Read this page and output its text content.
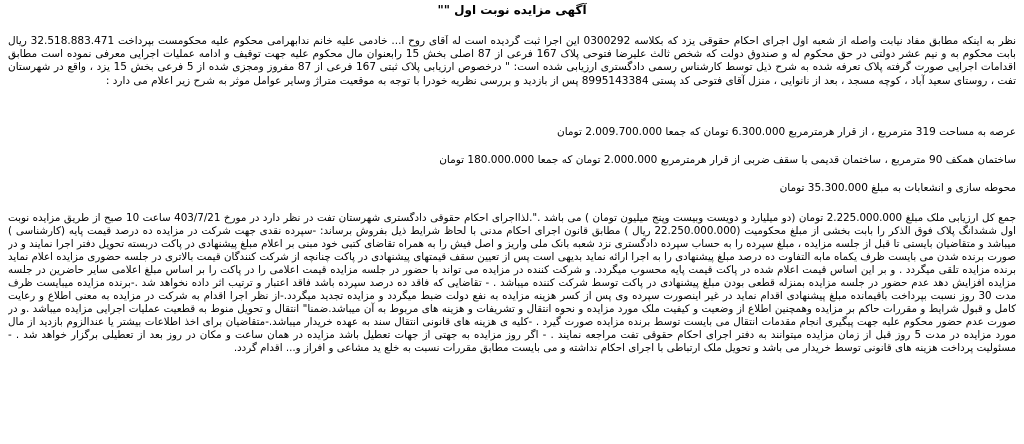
آگهی مزایده نوبت اول ""

نظر به اینکه مطابق مفاد نیابت واصله از شعبه اول اجرای احکام حقوقی یزد که بکلاسه 0300292 این اجرا ثبت گردیده است له آقای روح ا... خادمی علیه خانم ندابهرامی محکوم علیه محکومست بپرداخت 32.518.883.471 ریال بابت محکوم به و نیم عشر دولتی در حق محکوم له و صندوق دولت که شخص ثالث علیرضا فتوحی پلاک 167 فرعی از 87 اصلی بخش 15 رابعنوان مال محکوم علیه جهت توقیف و ادامه عملیات اجرایی معرفی نموده است مطابق اقدامات اجرایی صورت گرفته پلاک تعرفه شده به شرح ذیل توسط کارشناس رسمی دادگستری ارزیابی شده است: " درخصوص ارزیابی پلاک ثبتی 167 فرعی از 87 مفروز ومجزی شده از 5 فرعی بخش 15 یزد ، واقع در شهرستان تفت ، روستای سعید آباد ، کوچه مسجد ، بعد از نانوایی ، منزل آقای فتوحی کد پستی 8995143384 پس از بازدید و بررسی نظریه خودرا با توجه به موقعیت متراژ وسایر عوامل موثر به شرح زیر اعلام می دارد :

عرصه به مساحت 319 مترمربع ، از قرار هرمترمربع 6.300.000 تومان که جمعا 2.009.700.000 تومان

ساختمان همکف 90 مترمربع ، ساختمان قدیمی با سقف ضربی از قرار هرمترمربع 2.000.000 تومان که جمعا 180.000.000 تومان

محوطه سازی و انشعابات به مبلغ 35.300.000 تومان

جمع کل ارزیابی ملک مبلغ 2.225.000.000 تومان (دو میلیارد و دویست وبیست وپنج میلیون تومان ) می باشد .".لذااجرای احکام حقوقی دادگستری شهرستان تفت در نظر دارد در مورخ 403/7/21 ساعت 10 صبح از طریق مزایده نوبت اول ششدانگ پلاک فوق الذکر را بابت بخشی از مبلغ محکومیت (22.250.000.000 ریال ) مطابق قانون اجرای احکام مدنی با لحاظ شرایط ذیل بفروش برساند: -سپرده نقدی جهت شرکت در مزایده ده درصد قیمت پایه (کارشناسی ) میباشد و متقاضیان بایستی تا قبل از جلسه مزایده ، مبلغ سپرده را به حساب سپرده دادگستری نزد شعبه بانک ملی واریز و اصل فیش را به همراه تقاضای کتبی خود مبنی بر اعلام مبلغ پیشنهادی در پاکت دربسته تحویل دفتر اجرا نمایند و در صورت برنده شدن می بایست ظرف یکماه مابه التفاوت ده درصد مبلغ پیشنهادی را به اجرا ارائه نماید بدیهی است پس از تعیین سقف قیمتهای پیشنهادی در پاکت چنانچه از شرکت کنندگان قیمت بالاتری در جلسه حضوری مزایده اعلام نماید برنده مزایده تلقی میگردد . و بر این اساس قیمت اعلام شده در پاکت قیمت پایه محسوب میگردد. و شرکت کننده در مزایده می تواند با حضور در جلسه مزایده قیمت اعلامی را در پاکت را بر اساس مبلغ اعلامی سایر حاضرین در جلسه مزایده افزایش دهد عدم حضور در جلسه مزایده بمنزله قطعی بودن مبلغ پیشنهادی در پاکت توسط شرکت کننده میباشد . - تقاضایی که فاقد ده درصد سپرده باشد فاقد اعتبار و ترتیب اثر داده نخواهد شد .-برنده مزایده میبایست ظرف مدت 30 روز نسبت بپرداخت باقیمانده مبلغ پیشنهادی اقدام نماید در غیر اینصورت سپرده وی پس از کسر هزینه مزایده به نفع دولت ضبط میگردد و مزایده تجدید میگردد.-از نظر اجرا اقدام به شرکت در مزایده به معنی اطلاع و رعایت کامل و قبول شرایط و مقررات حاکم بر مزایده وهمچنین اطلاع از وضعیت و کیفیت ملک مورد مزایده و نحوه انتقال و تشریفات و هزینه های مربوط به آن میباشد.ضمنا" انتقال و تحویل منوط به قطعیت عملیات اجرایی مزایده میباشد .و در صورت عدم حضور محکوم علیه جهت پیگیری انجام مقدمات انتقال می بایست توسط برنده مزایده صورت گیرد . -کلیه ی هزینه های قانونی انتقال سند به عهده خریدار میباشد.-متقاضیان برای اخذ اطلاعات بیشتر یا عندالزوم بازدید از مال مورد مزایده در مدت 5 روز قبل از زمان مزایده میتوانند به دفتر اجرای احکام حقوقی تفت مراجعه نمایند . - اگر روز مزایده به جهتی از جهات تعطیل باشد مزایده در همان ساعت و مکان در روز بعد از تعطیلی برگزار خواهد شد . - مسئولیت پرداخت هزینه های قانونی توسط خریدار می باشد و تحویل ملک ارتباطی با اجرای احکام نداشته و می بایست مطابق مقررات نسبت به خلع ید مشاعی و افراز و... اقدام گردد.
